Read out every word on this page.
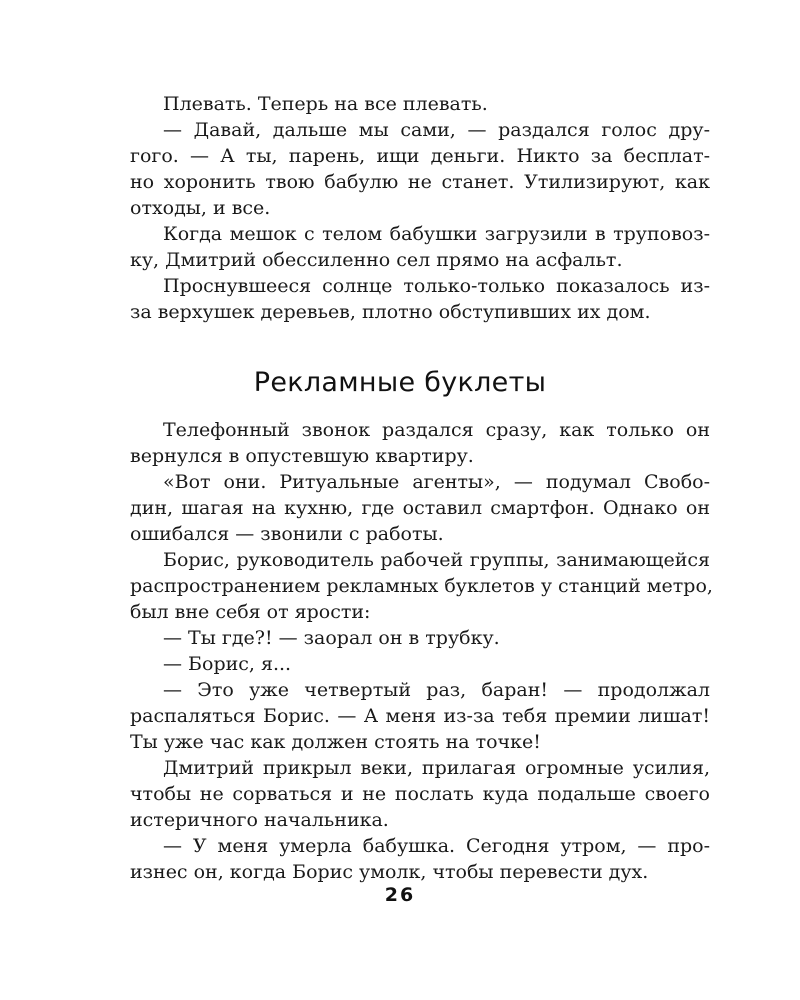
Плевать. Теперь на все плевать.
— Давай, дальше мы сами, — раздался голос дру-
гого. — А ты, парень, ищи деньги. Никто за бесплат-
но хоронить твою бабулю не станет. Утилизируют, как
отходы, и все.
Когда мешок с телом бабушки загрузили в труповоз-
ку, Дмитрий обессиленно сел прямо на асфальт.
Проснувшееся солнце только-только показалось из-
за верхушек деревьев, плотно обступивших их дом.
Рекламные буклеты
Телефонный звонок раздался сразу, как только он
вернулся в опустевшую квартиру.
«Вот они. Ритуальные агенты», — подумал Свобо-
дин, шагая на кухню, где оставил смартфон. Однако он
ошибался — звонили с работы.
Борис, руководитель рабочей группы, занимающейся
распространением рекламных буклетов у станций метро,
был вне себя от ярости:
— Ты где?! — заорал он в трубку.
— Борис, я...
— Это уже четвертый раз, баран! — продолжал
распаляться Борис. — А меня из-за тебя премии лишат!
Ты уже час как должен стоять на точке!
Дмитрий прикрыл веки, прилагая огромные усилия,
чтобы не сорваться и не послать куда подальше своего
истеричного начальника.
— У меня умерла бабушка. Сегодня утром, — про-
изнес он, когда Борис умолк, чтобы перевести дух.
26
